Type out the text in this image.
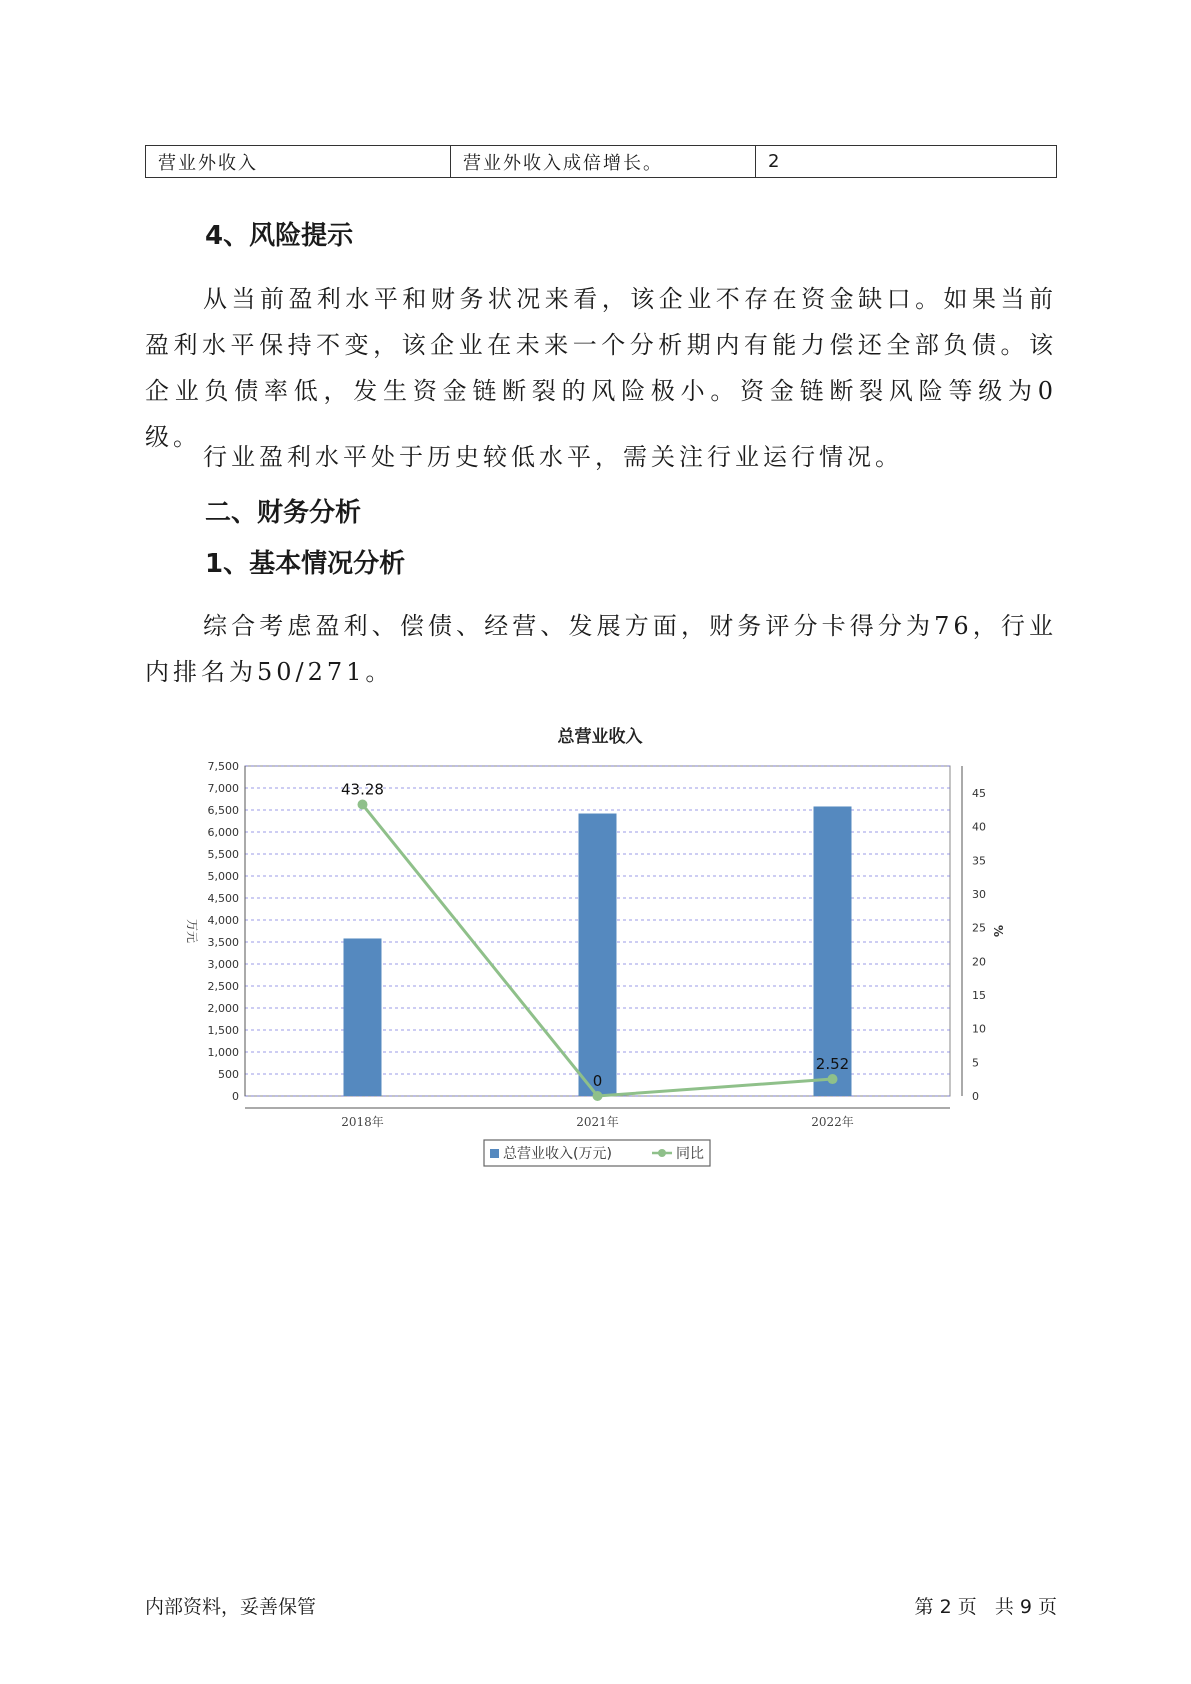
营业外收入	营业外收入成倍增长。	2
4、风险提示

从当前盈利水平和财务状况来看，该企业不存在资金缺口。如果当前盈利水平保持不变，该企业在未来一个分析期内有能力偿还全部负债。该企业负债率低，发生资金链断裂的风险极小。资金链断裂风险等级为0级。

行业盈利水平处于历史较低水平，需关注行业运行情况。

二、财务分析
1、基本情况分析

综合考虑盈利、偿债、经营、发展方面，财务评分卡得分为76，行业内排名为50/271。

总营业收入
0
500
1,000
1,500
2,000
2,500
3,000
3,500
4,000
4,500
5,000
5,500
6,000
6,500
7,000
7,500
0
5
10
15
20
25
30
35
40
45
万元	%
2018年	2021年	2022年
43.28
0
2.52
总营业收入(万元)	同比
内部资料，妥善保管	第 2 页   共 9 页
